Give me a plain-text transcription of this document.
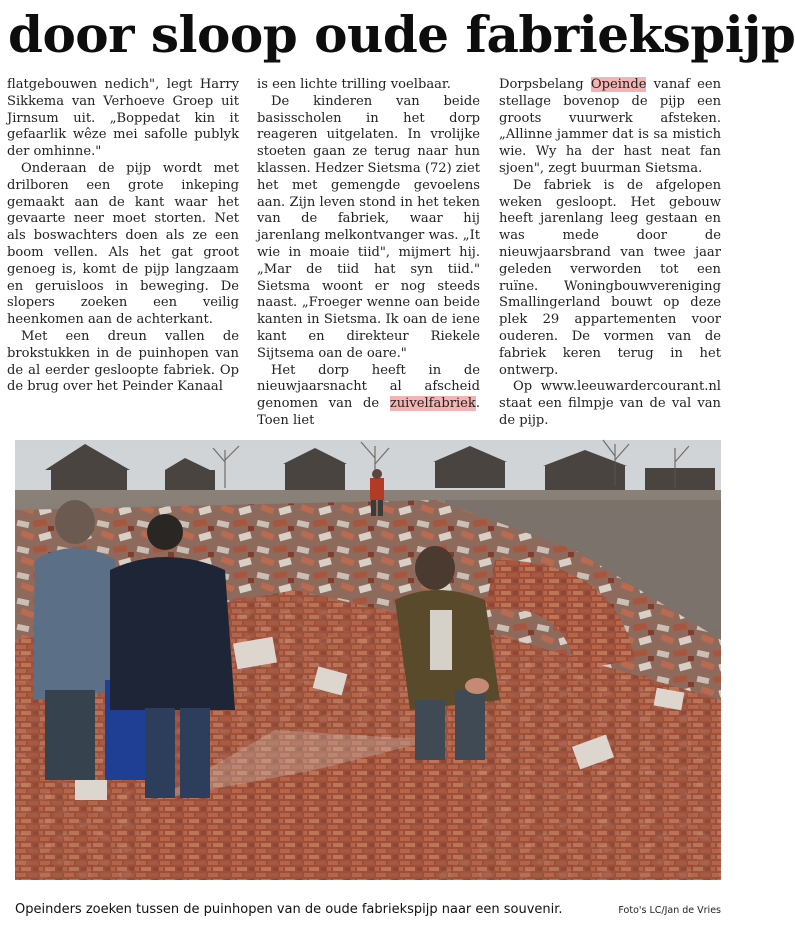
door sloop oude fabriekspijp

flatgebouwen nedich", legt Harry Sikkema van Verhoeve Groep uit Jirnsum uit. „Boppedat kin it gefaarlik wêze mei safolle publyk der omhinne."

Onderaan de pijp wordt met drilboren een grote inkeping gemaakt aan de kant waar het gevaarte neer moet storten. Net als boswachters doen als ze een boom vellen. Als het gat groot genoeg is, komt de pijp langzaam en geruisloos in beweging. De slopers zoeken een veilig heenkomen aan de achterkant.

Met een dreun vallen de brokstukken in de puinhopen van de al eerder gesloopte fabriek. Op de brug over het Peinder Kanaal

is een lichte trilling voelbaar.

De kinderen van beide basisscholen in het dorp reageren uitgelaten. In vrolijke stoeten gaan ze terug naar hun klassen. Hedzer Sietsma (72) ziet het met gemengde gevoelens aan. Zijn leven stond in het teken van de fabriek, waar hij jarenlang melkontvanger was. „It wie in moaie tiid", mijmert hij. „Mar de tiid hat syn tiid." Sietsma woont er nog steeds naast. „Froeger wenne oan beide kanten in Sietsma. Ik oan de iene kant en direkteur Riekele Sijtsema oan de oare."

Het dorp heeft in de nieuwjaarsnacht al afscheid genomen van de zuivelfabriek. Toen liet

Dorpsbelang Opeinde vanaf een stellage bovenop de pijp een groots vuurwerk afsteken. „Allinne jammer dat is sa mistich wie. Wy ha der hast neat fan sjoen", zegt buurman Sietsma.

De fabriek is de afgelopen weken gesloopt. Het gebouw heeft jarenlang leeg gestaan en was mede door de nieuwjaarsbrand van twee jaar geleden verworden tot een ruïne. Woningbouwvereniging Smallingerland bouwt op deze plek 29 appartementen voor ouderen. De vormen van de fabriek keren terug in het ontwerp.

Op www.leeuwardercourant.nl staat een filmpje van de val van de pijp.

Opeinders zoeken tussen de puinhopen van de oude fabriekspijp naar een souvenir.	Foto's LC/Jan de Vries
